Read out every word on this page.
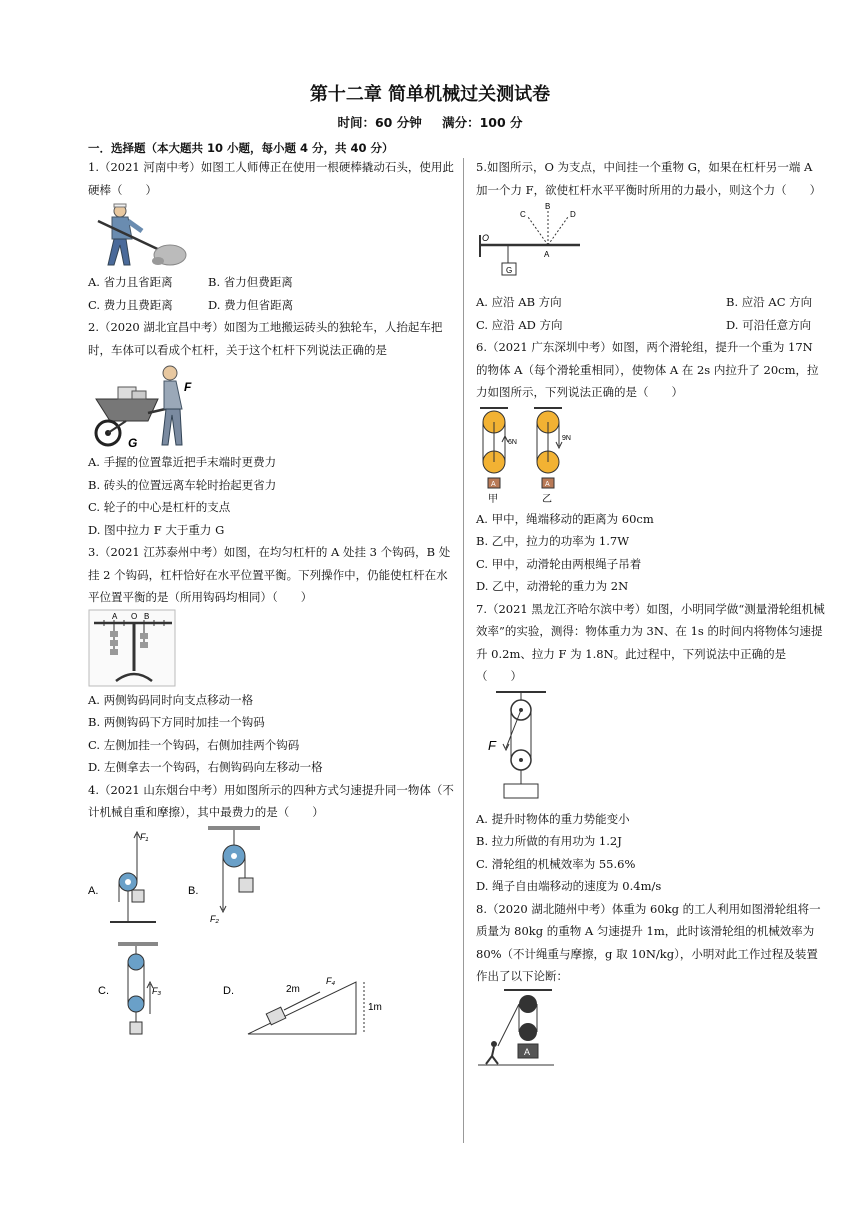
第十二章 简单机械过关测试卷
时间：60 分钟 满分：100 分
一．选择题（本大题共 10 小题，每小题 4 分，共 40 分）

1.（2021 河南中考）如图工人师傅正在使用一根硬棒撬动石头，使用此硬棒（　　）

A. 省力且省距离	B. 省力但费距离
C. 费力且费距离	D. 费力但省距离

2.（2020 湖北宜昌中考）如图为工地搬运砖头的独轮车，人抬起车把时，车体可以看成个杠杆，关于这个杠杆下列说法正确的是

F
G

A. 手握的位置靠近把手末端时更费力

B. 砖头的位置远离车轮时抬起更省力

C. 轮子的中心是杠杆的支点

D. 图中拉力 F 大于重力 G

3.（2021 江苏泰州中考）如图，在均匀杠杆的 A 处挂 3 个钩码，B 处挂 2 个钩码，杠杆恰好在水平位置平衡。下列操作中，仍能使杠杆在水平位置平衡的是（所用钩码均相同）（　　）

A O B

A. 两侧钩码同时向支点移动一格

B. 两侧钩码下方同时加挂一个钩码

C. 左侧加挂一个钩码，右侧加挂两个钩码

D. 左侧拿去一个钩码，右侧钩码向左移动一格

4.（2021 山东烟台中考）用如图所示的四种方式匀速提升同一物体（不计机械自重和摩擦），其中最费力的是（　　）

A.
F₁
B.
F₂
C.	F₃	D.
F₄
2m
1m

5.如图所示，O 为支点，中间挂一个重物 G，如果在杠杆另一端 A 加一个力 F，欲使杠杆水平平衡时所用的力最小，则这个力（　　）

O
G
C
B
D
A
A. 应沿 AB 方向	B. 应沿 AC 方向
C. 应沿 AD 方向	D. 可沿任意方向

6.（2021 广东深圳中考）如图，两个滑轮组，提升一个重为 17N 的物体 A（每个滑轮重相同），使物体 A 在 2s 内拉升了 20cm，拉力如图所示，下列说法正确的是（　　）

6N
A
甲
9N
A
乙

A. 甲中，绳端移动的距离为 60cm

B. 乙中，拉力的功率为 1.7W

C. 甲中，动滑轮由两根绳子吊着

D. 乙中，动滑轮的重力为 2N

7.（2021 黑龙江齐哈尔滨中考）如图，小明同学做“测量滑轮组机械效率”的实验，测得：物体重力为 3N、在 1s 的时间内将物体匀速提升 0.2m、拉力 F 为 1.8N。此过程中，下列说法中正确的是（　　）

F

A. 提升时物体的重力势能变小

B. 拉力所做的有用功为 1.2J

C. 滑轮组的机械效率为 55.6%

D. 绳子自由端移动的速度为 0.4m/s

8.（2020 湖北随州中考）体重为 60kg 的工人利用如图滑轮组将一质量为 80kg 的重物 A 匀速提升 1m，此时该滑轮组的机械效率为 80%（不计绳重与摩擦，g 取 10N/kg），小明对此工作过程及装置作出了以下论断：

A
